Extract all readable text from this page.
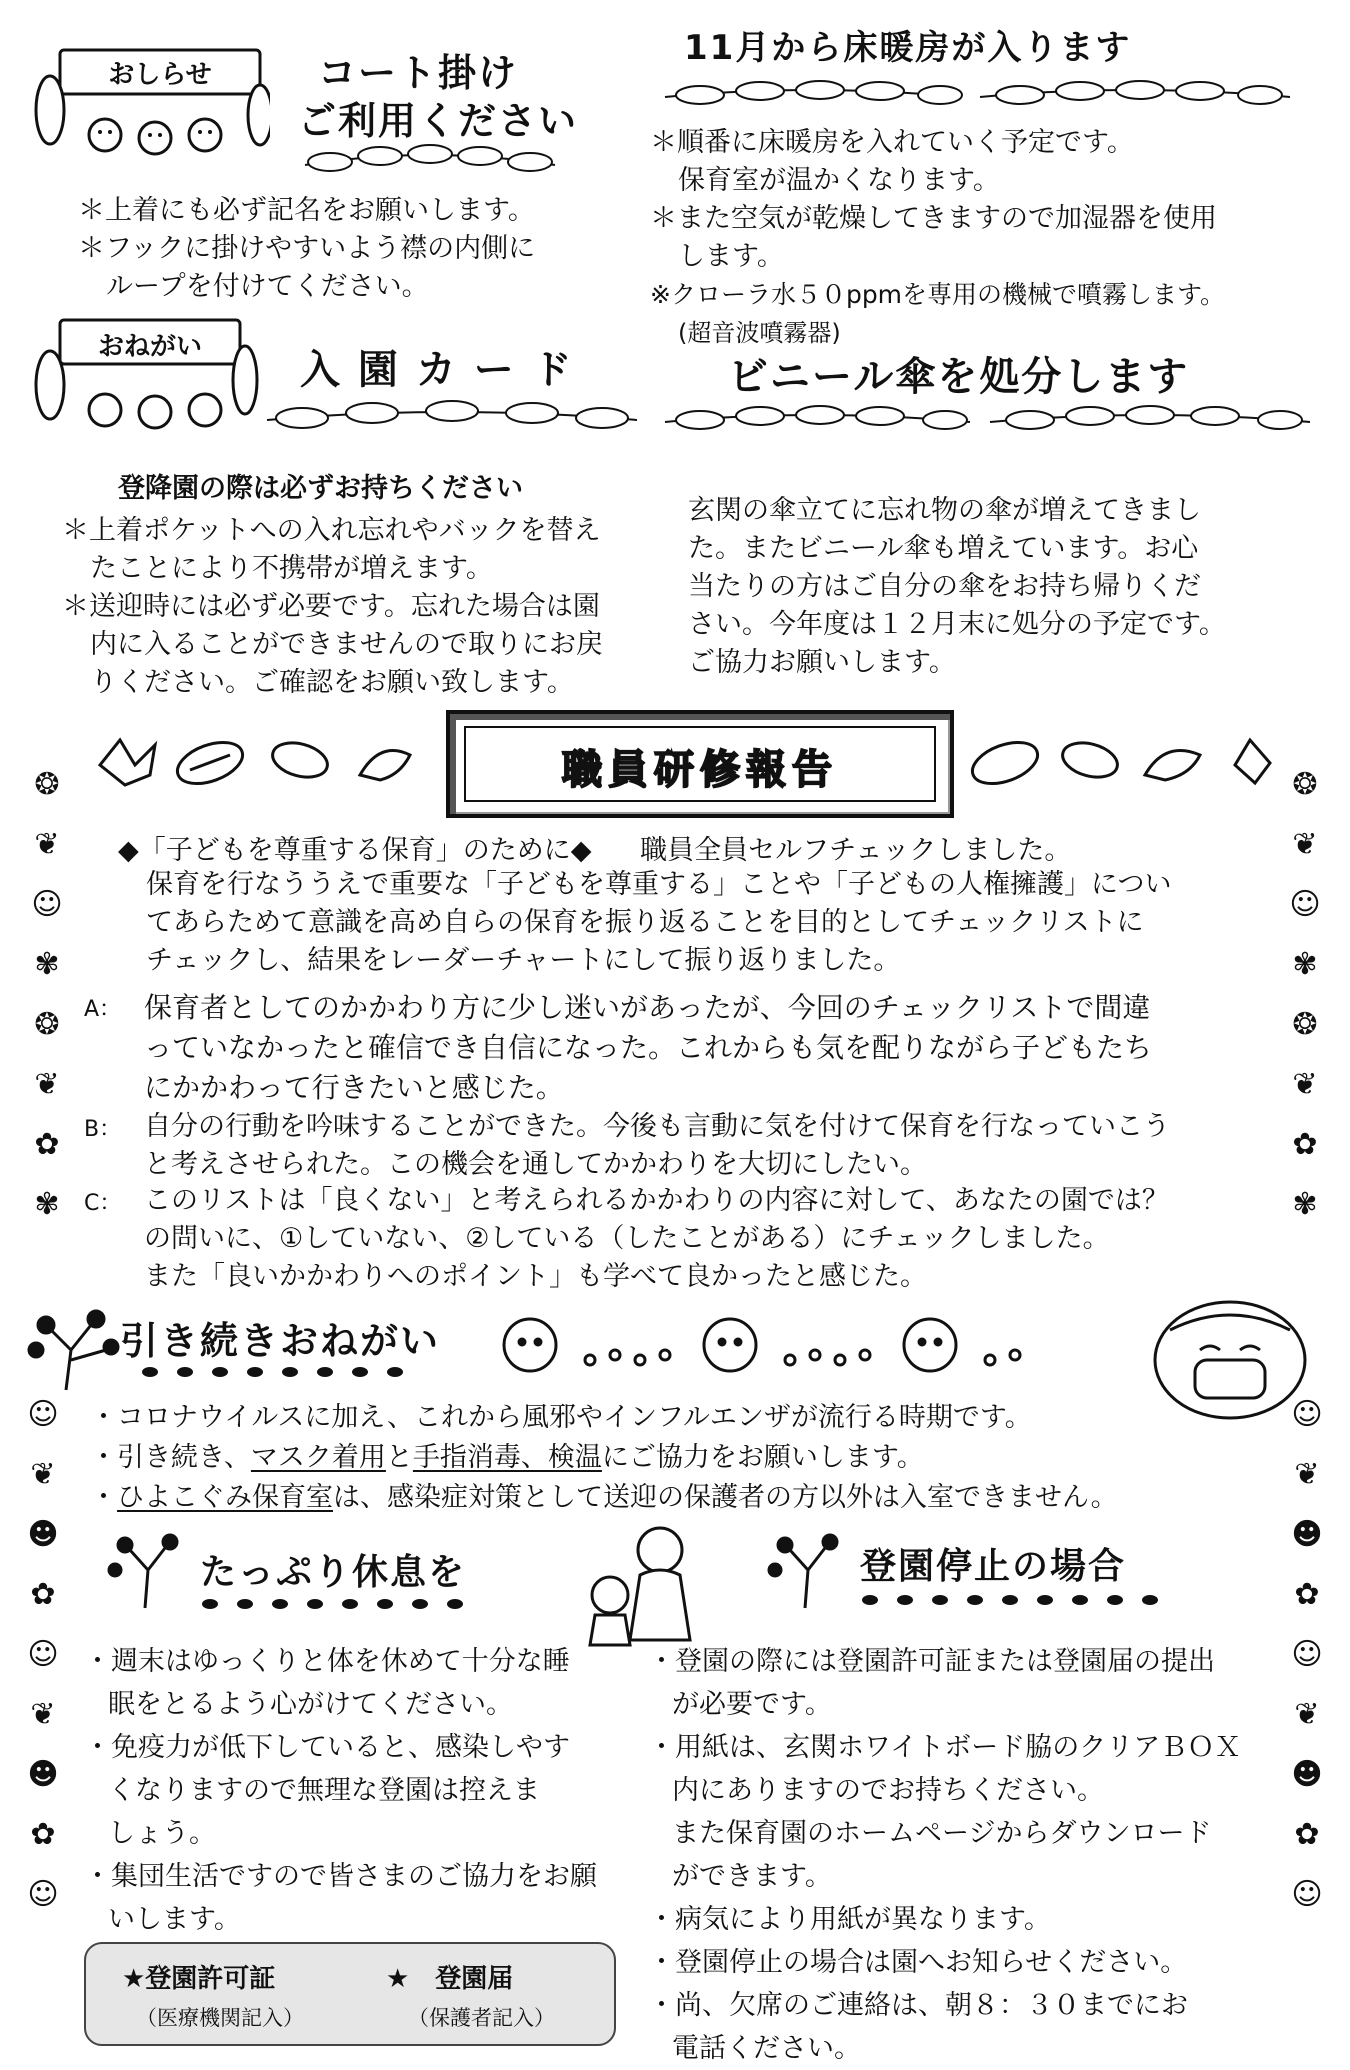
おしらせ	コート掛け
ご利用ください

＊上着にも必ず記名をお願いします。

＊フックに掛けやすいよう襟の内側に

ループを付けてください。

11月から床暖房が入ります

＊順番に床暖房を入れていく予定です。

保育室が温かくなります。

＊また空気が乾燥してきますので加湿器を使用

します。

※クローラ水５０ppmを専用の機械で噴霧します。

(超音波噴霧器)

おねがい	入 園 カ ー ド
登降園の際は必ずお持ちください

＊上着ポケットへの入れ忘れやバックを替え

たことにより不携帯が増えます。

＊送迎時には必ず必要です。忘れた場合は園

内に入ることができませんので取りにお戻

りください。ご確認をお願い致します。

ビニール傘を処分します

玄関の傘立てに忘れ物の傘が増えてきまし

た。またビニール傘も増えています。お心

当たりの方はご自分の傘をお持ち帰りくだ

さい。今年度は１２月末に処分の予定です。

ご協力お願いします。

職員研修報告
❂

❦

☺

✾

❂

❦

✿

✾
❂

❦

☺

✾

❂

❦

✿

✾
◆「子どもを尊重する保育」のために◆ 職員全員セルフチェックしました。

保育を行なううえで重要な「子どもを尊重する」ことや「子どもの人権擁護」につい

てあらためて意識を高め自らの保育を振り返ることを目的としてチェックリストに

チェックし、結果をレーダーチャートにして振り返りました。

A： 保育者としてのかかわり方に少し迷いがあったが、今回のチェックリストで間違

っていなかったと確信でき自信になった。これからも気を配りながら子どもたち

にかかわって行きたいと感じた。

B： 自分の行動を吟味することができた。今後も言動に気を付けて保育を行なっていこう

と考えさせられた。この機会を通してかかわりを大切にしたい。

C： このリストは「良くない」と考えられるかかわりの内容に対して、あなたの園では？

の問いに、①していない、②している（したことがある）にチェックしました。

また「良いかかわりへのポイント」も学べて良かったと感じた。

引き続きおねがい

・コロナウイルスに加え、これから風邪やインフルエンザが流行る時期です。

・引き続き、マスク着用と手指消毒、検温にご協力をお願いします。

・ひよこぐみ保育室は、感染症対策として送迎の保護者の方以外は入室できません。

☺

❦

☻

✿

☺

❦

☻

✿

☺
☺

❦

☻

✿

☺

❦

☻

✿

☺
たっぷり休息を

・週末はゆっくりと体を休めて十分な睡

眠をとるよう心がけてください。

・免疫力が低下していると、感染しやす

くなりますので無理な登園は控えま

しょう。

・集団生活ですので皆さまのご協力をお願

いします。

★登園許可証
（医療機関記入）
★　登園届
（保護者記入）
登園停止の場合

・登園の際には登園許可証または登園届の提出

が必要です。

・用紙は、玄関ホワイトボード脇のクリアＢＯＸ

内にありますのでお持ちください。

また保育園のホームページからダウンロード

ができます。

・病気により用紙が異なります。

・登園停止の場合は園へお知らせください。

・尚、欠席のご連絡は、朝８：３０までにお

電話ください。
